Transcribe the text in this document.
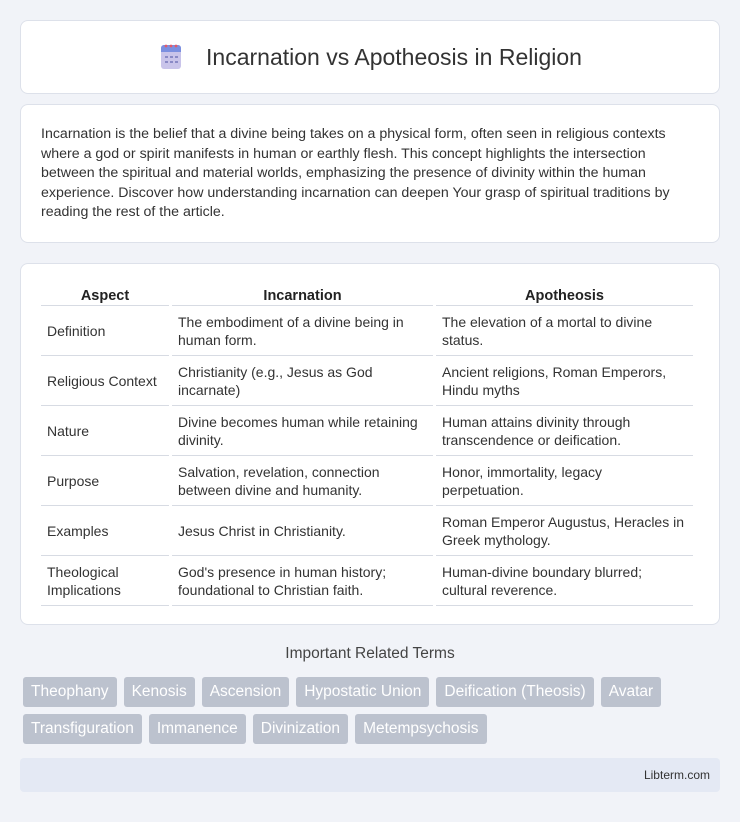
Incarnation vs Apotheosis in Religion

Incarnation is the belief that a divine being takes on a physical form, often seen in religious contexts where a god or spirit manifests in human or earthly flesh. This concept highlights the intersection between the spiritual and material worlds, emphasizing the presence of divinity within the human experience. Discover how understanding incarnation can deepen Your grasp of spiritual traditions by reading the rest of the article.

Aspect	Incarnation	Apotheosis
Definition	The embodiment of a divine being in human form.	The elevation of a mortal to divine status.
Religious Context	Christianity (e.g., Jesus as God incarnate)	Ancient religions, Roman Emperors, Hindu myths
Nature	Divine becomes human while retaining divinity.	Human attains divinity through transcendence or deification.
Purpose	Salvation, revelation, connection between divine and humanity.	Honor, immortality, legacy perpetuation.
Examples	Jesus Christ in Christianity.	Roman Emperor Augustus, Heracles in Greek mythology.
Theological Implications	God's presence in human history; foundational to Christian faith.	Human-divine boundary blurred; cultural reverence.
Important Related Terms
Theophany	Kenosis	Ascension	Hypostatic Union	Deification (Theosis)	Avatar
Transfiguration	Immanence	Divinization	Metempsychosis
Libterm.com
